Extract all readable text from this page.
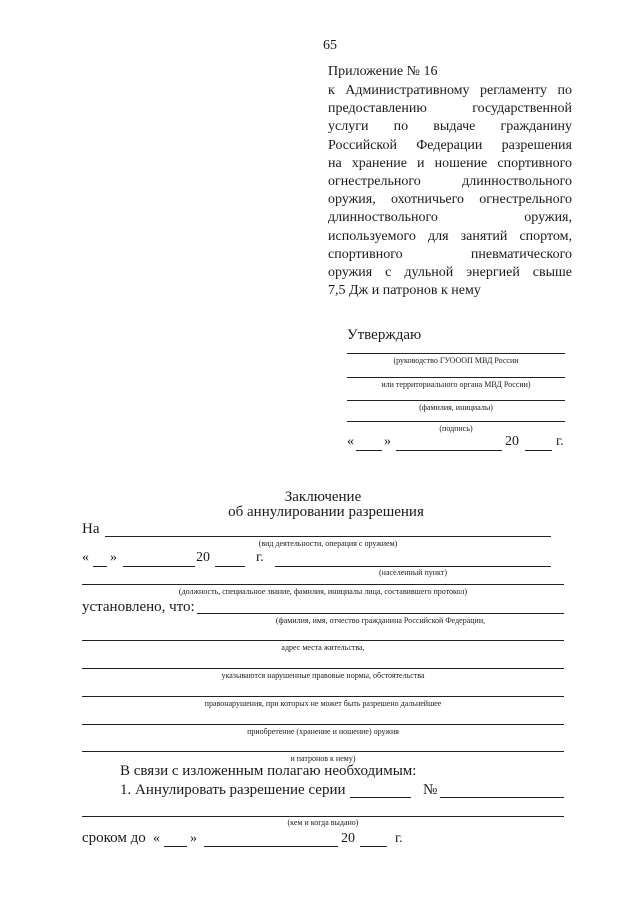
65
Приложение № 16
к Административному регламенту по
предоставлению государственной
услуги по выдаче гражданину
Российской Федерации разрешения
на хранение и ношение спортивного
огнестрельного длинноствольного
оружия, охотничьего огнестрельного
длинноствольного оружия,
используемого для занятий спортом,
спортивного пневматического
оружия с дульной энергией свыше
7,5 Дж и патронов к нему
Утверждаю
(руководство ГУОООП МВД России
или территориального органа МВД России)
(фамилия, инициалы)
(подпись)
« »	20	г.
Заключение
об аннулировании разрешения
На
(вид деятельности, операция с оружием)
« »	20	г.
(населенный пункт)
(должность, специальное звание, фамилия, инициалы лица, составившего протокол)
установлено, что:
(фамилия, имя, отчество гражданина Российской Федерации,
адрес места жительства,
указываются нарушенные правовые нормы, обстоятельства
правонарушения, при которых не может быть разрешено дальнейшее
приобретение (хранение и ношение) оружия
и патронов к нему)
В связи с изложенным полагаю необходимым:
1. Аннулировать разрешение серии	№
(кем и когда выдано)
сроком до « »	20	г.
